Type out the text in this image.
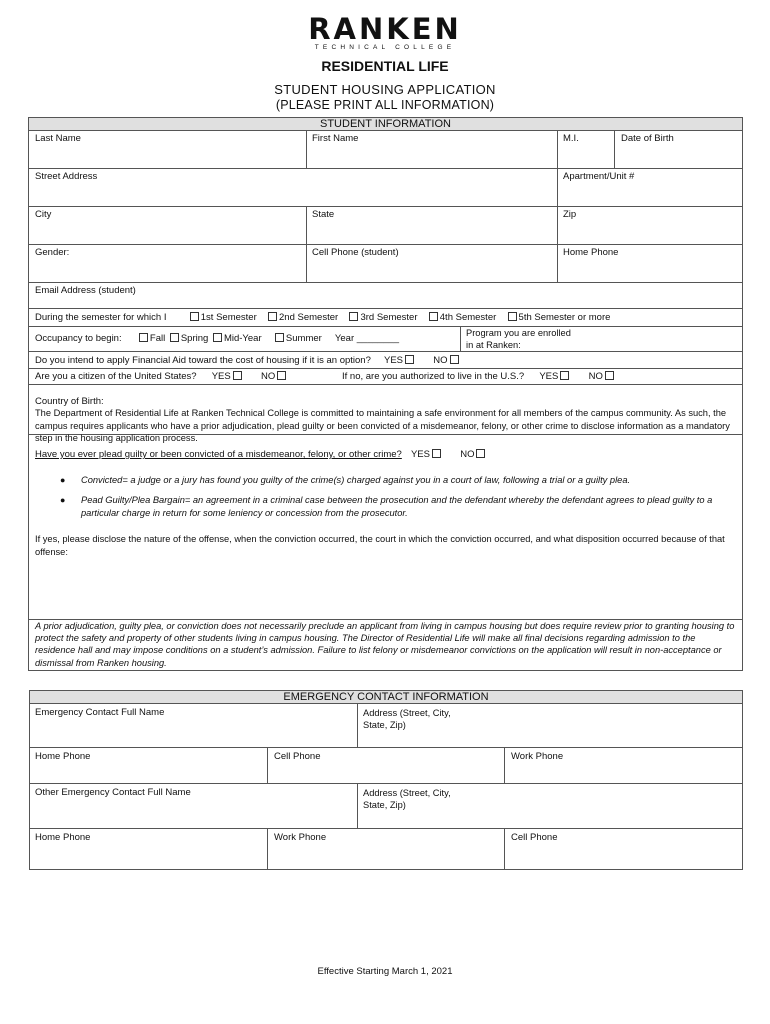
RANKEN
TECHNICAL COLLEGE
RESIDENTIAL LIFE
STUDENT HOUSING APPLICATION
(PLEASE PRINT ALL INFORMATION)
STUDENT INFORMATION
Last Name	First Name	M.I.	Date of Birth
Street Address	Apartment/Unit #
City	State	Zip
Gender:	Cell Phone (student)	Home Phone
Email Address (student)
During the semester for which I	1st Semester 2nd Semester 3rd Semester 4th Semester 5th Semester or more
Occupancy to begin:	Fall Spring Mid-Year	Summer Year ________	Program you are enrolled in at Ranken:
Do you intend to apply Financial Aid toward the cost of housing if it is an option? YES	NO
Are you a citizen of the United States? YES	NO	If no, are you authorized to live in the U.S.? YES	NO
Country of Birth:
The Department of Residential Life at Ranken Technical College is committed to maintaining a safe environment for all members of the campus community. As such, the campus requires applicants who have a prior adjudication, plead guilty or been convicted of a misdemeanor, felony, or other crime to disclose information as a mandatory step in the housing application process.
Have you ever plead guilty or been convicted of a misdemeanor, felony, or other crime? YES	NO
● Convicted= a judge or a jury has found you guilty of the crime(s) charged against you in a court of law, following a trial or a guilty plea.
● Pead Guilty/Plea Bargain= an agreement in a criminal case between the prosecution and the defendant whereby the defendant agrees to plead guilty to a particular charge in return for some leniency or concession from the prosecutor.
If yes, please disclose the nature of the offense, when the conviction occurred, the court in which the conviction occurred, and what disposition occurred because of that offense:
A prior adjudication, guilty plea, or conviction does not necessarily preclude an applicant from living in campus housing but does require review prior to granting housing to protect the safety and property of other students living in campus housing. The Director of Residential Life will make all final decisions regarding admission to the residence hall and may impose conditions on a student’s admission. Failure to list felony or misdemeanor convictions on the application will result in non-acceptance or dismissal from Ranken housing.
EMERGENCY CONTACT INFORMATION
Emergency Contact Full Name	Address (Street, City, State, Zip)
Home Phone	Cell Phone	Work Phone
Other Emergency Contact Full Name	Address (Street, City, State, Zip)
Home Phone	Work Phone	Cell Phone
Effective Starting March 1, 2021
